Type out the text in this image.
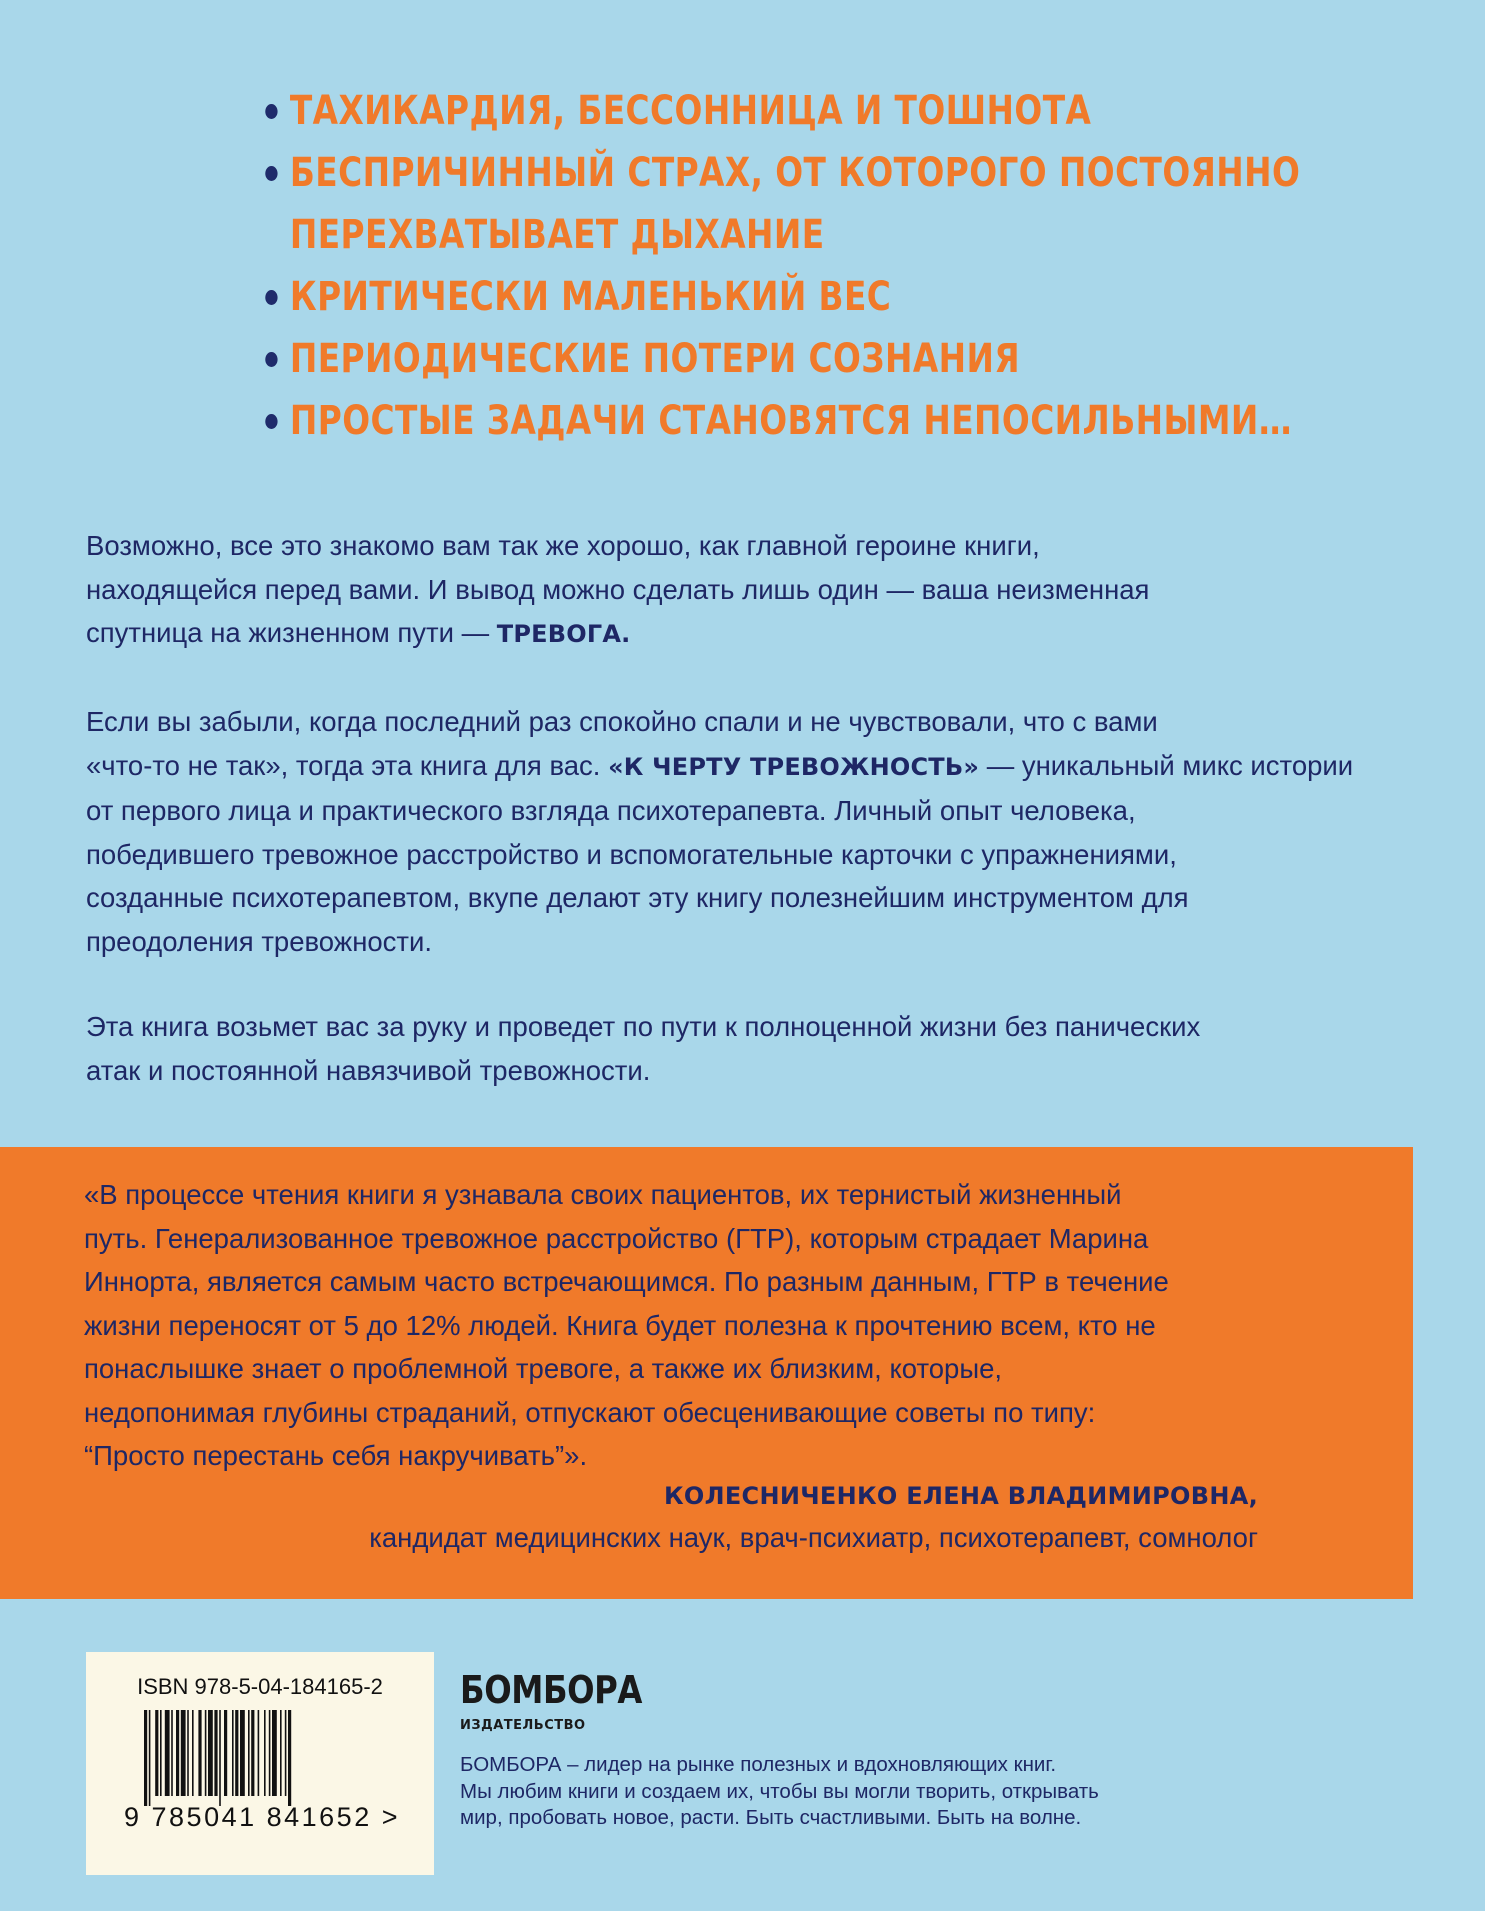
ТАХИКАРДИЯ, БЕССОННИЦА И ТОШНОТА
БЕСПРИЧИННЫЙ СТРАХ, ОТ КОТОРОГО ПОСТОЯННО
ПЕРЕХВАТЫВАЕТ ДЫХАНИЕ
КРИТИЧЕСКИ МАЛЕНЬКИЙ ВЕС
ПЕРИОДИЧЕСКИЕ ПОТЕРИ СОЗНАНИЯ
ПРОСТЫЕ ЗАДАЧИ СТАНОВЯТСЯ НЕПОСИЛЬНЫМИ…
Возможно, все это знакомо вам так же хорошо, как главной героине книги,
находящейся перед вами. И вывод можно сделать лишь один — ваша неизменная
спутница на жизненном пути — ТРЕВОГА.
Если вы забыли, когда последний раз спокойно спали и не чувствовали, что с вами
«что-то не так», тогда эта книга для вас. «К ЧЕРТУ ТРЕВОЖНОСТЬ» — уникальный микс истории
от первого лица и практического взгляда психотерапевта. Личный опыт человека,
победившего тревожное расстройство и вспомогательные карточки с упражнениями,
созданные психотерапевтом, вкупе делают эту книгу полезнейшим инструментом для
преодоления тревожности.
Эта книга возьмет вас за руку и проведет по пути к полноценной жизни без панических
атак и постоянной навязчивой тревожности.
«В процессе чтения книги я узнавала своих пациентов, их тернистый жизненный
путь. Генерализованное тревожное расстройство (ГТР), которым страдает Марина
Иннорта, является самым часто встречающимся. По разным данным, ГТР в течение
жизни переносят от 5 до 12% людей. Книга будет полезна к прочтению всем, кто не
понаслышке знает о проблемной тревоге, а также их близким, которые,
недопонимая глубины страданий, отпускают обесценивающие советы по типу:
“Просто перестань себя накручивать”».
КОЛЕСНИЧЕНКО ЕЛЕНА ВЛАДИМИРОВНА,
кандидат медицинских наук, врач-психиатр, психотерапевт, сомнолог
ISBN 978-5-04-184165-2
9 785041 841652 >
БОМБОРА
ИЗДАТЕЛЬСТВО
БОМБОРА – лидер на рынке полезных и вдохновляющих книг.
Мы любим книги и создаем их, чтобы вы могли творить, открывать
мир, пробовать новое, расти. Быть счастливыми. Быть на волне.
